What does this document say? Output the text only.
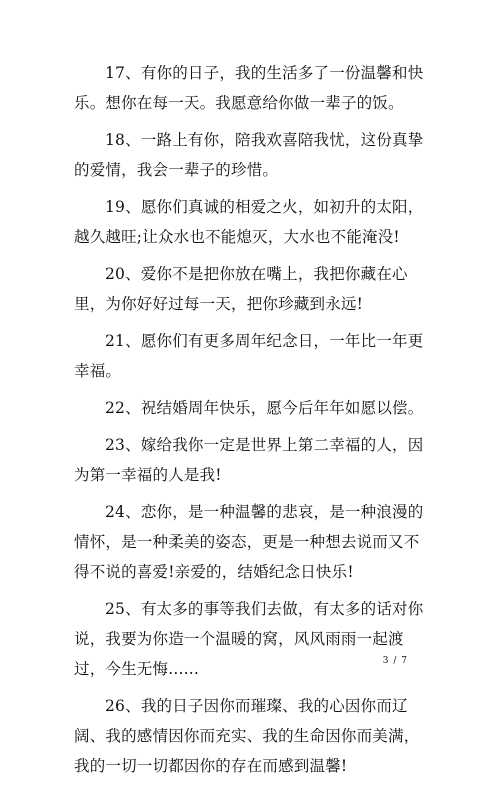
17、有你的日子，我的生活多了一份温馨和快乐。想你在每一天。我愿意给你做一辈子的饭。

18、一路上有你，陪我欢喜陪我忧，这份真挚的爱情，我会一辈子的珍惜。

19、愿你们真诚的相爱之火，如初升的太阳，越久越旺;让众水也不能熄灭，大水也不能淹没!

20、爱你不是把你放在嘴上，我把你藏在心里，为你好好过每一天，把你珍藏到永远!

21、愿你们有更多周年纪念日，一年比一年更幸福。

22、祝结婚周年快乐，愿今后年年如愿以偿。

23、嫁给我你一定是世界上第二幸福的人，因为第一幸福的人是我!

24、恋你，是一种温馨的悲哀，是一种浪漫的情怀，是一种柔美的姿态，更是一种想去说而又不得不说的喜爱!亲爱的，结婚纪念日快乐!

25、有太多的事等我们去做，有太多的话对你说，我要为你造一个温暖的窝，风风雨雨一起渡过，今生无悔......

26、我的日子因你而璀璨、我的心因你而辽阔、我的感情因你而充实、我的生命因你而美满，我的一切一切都因你的存在而感到温馨!

3 / 7
